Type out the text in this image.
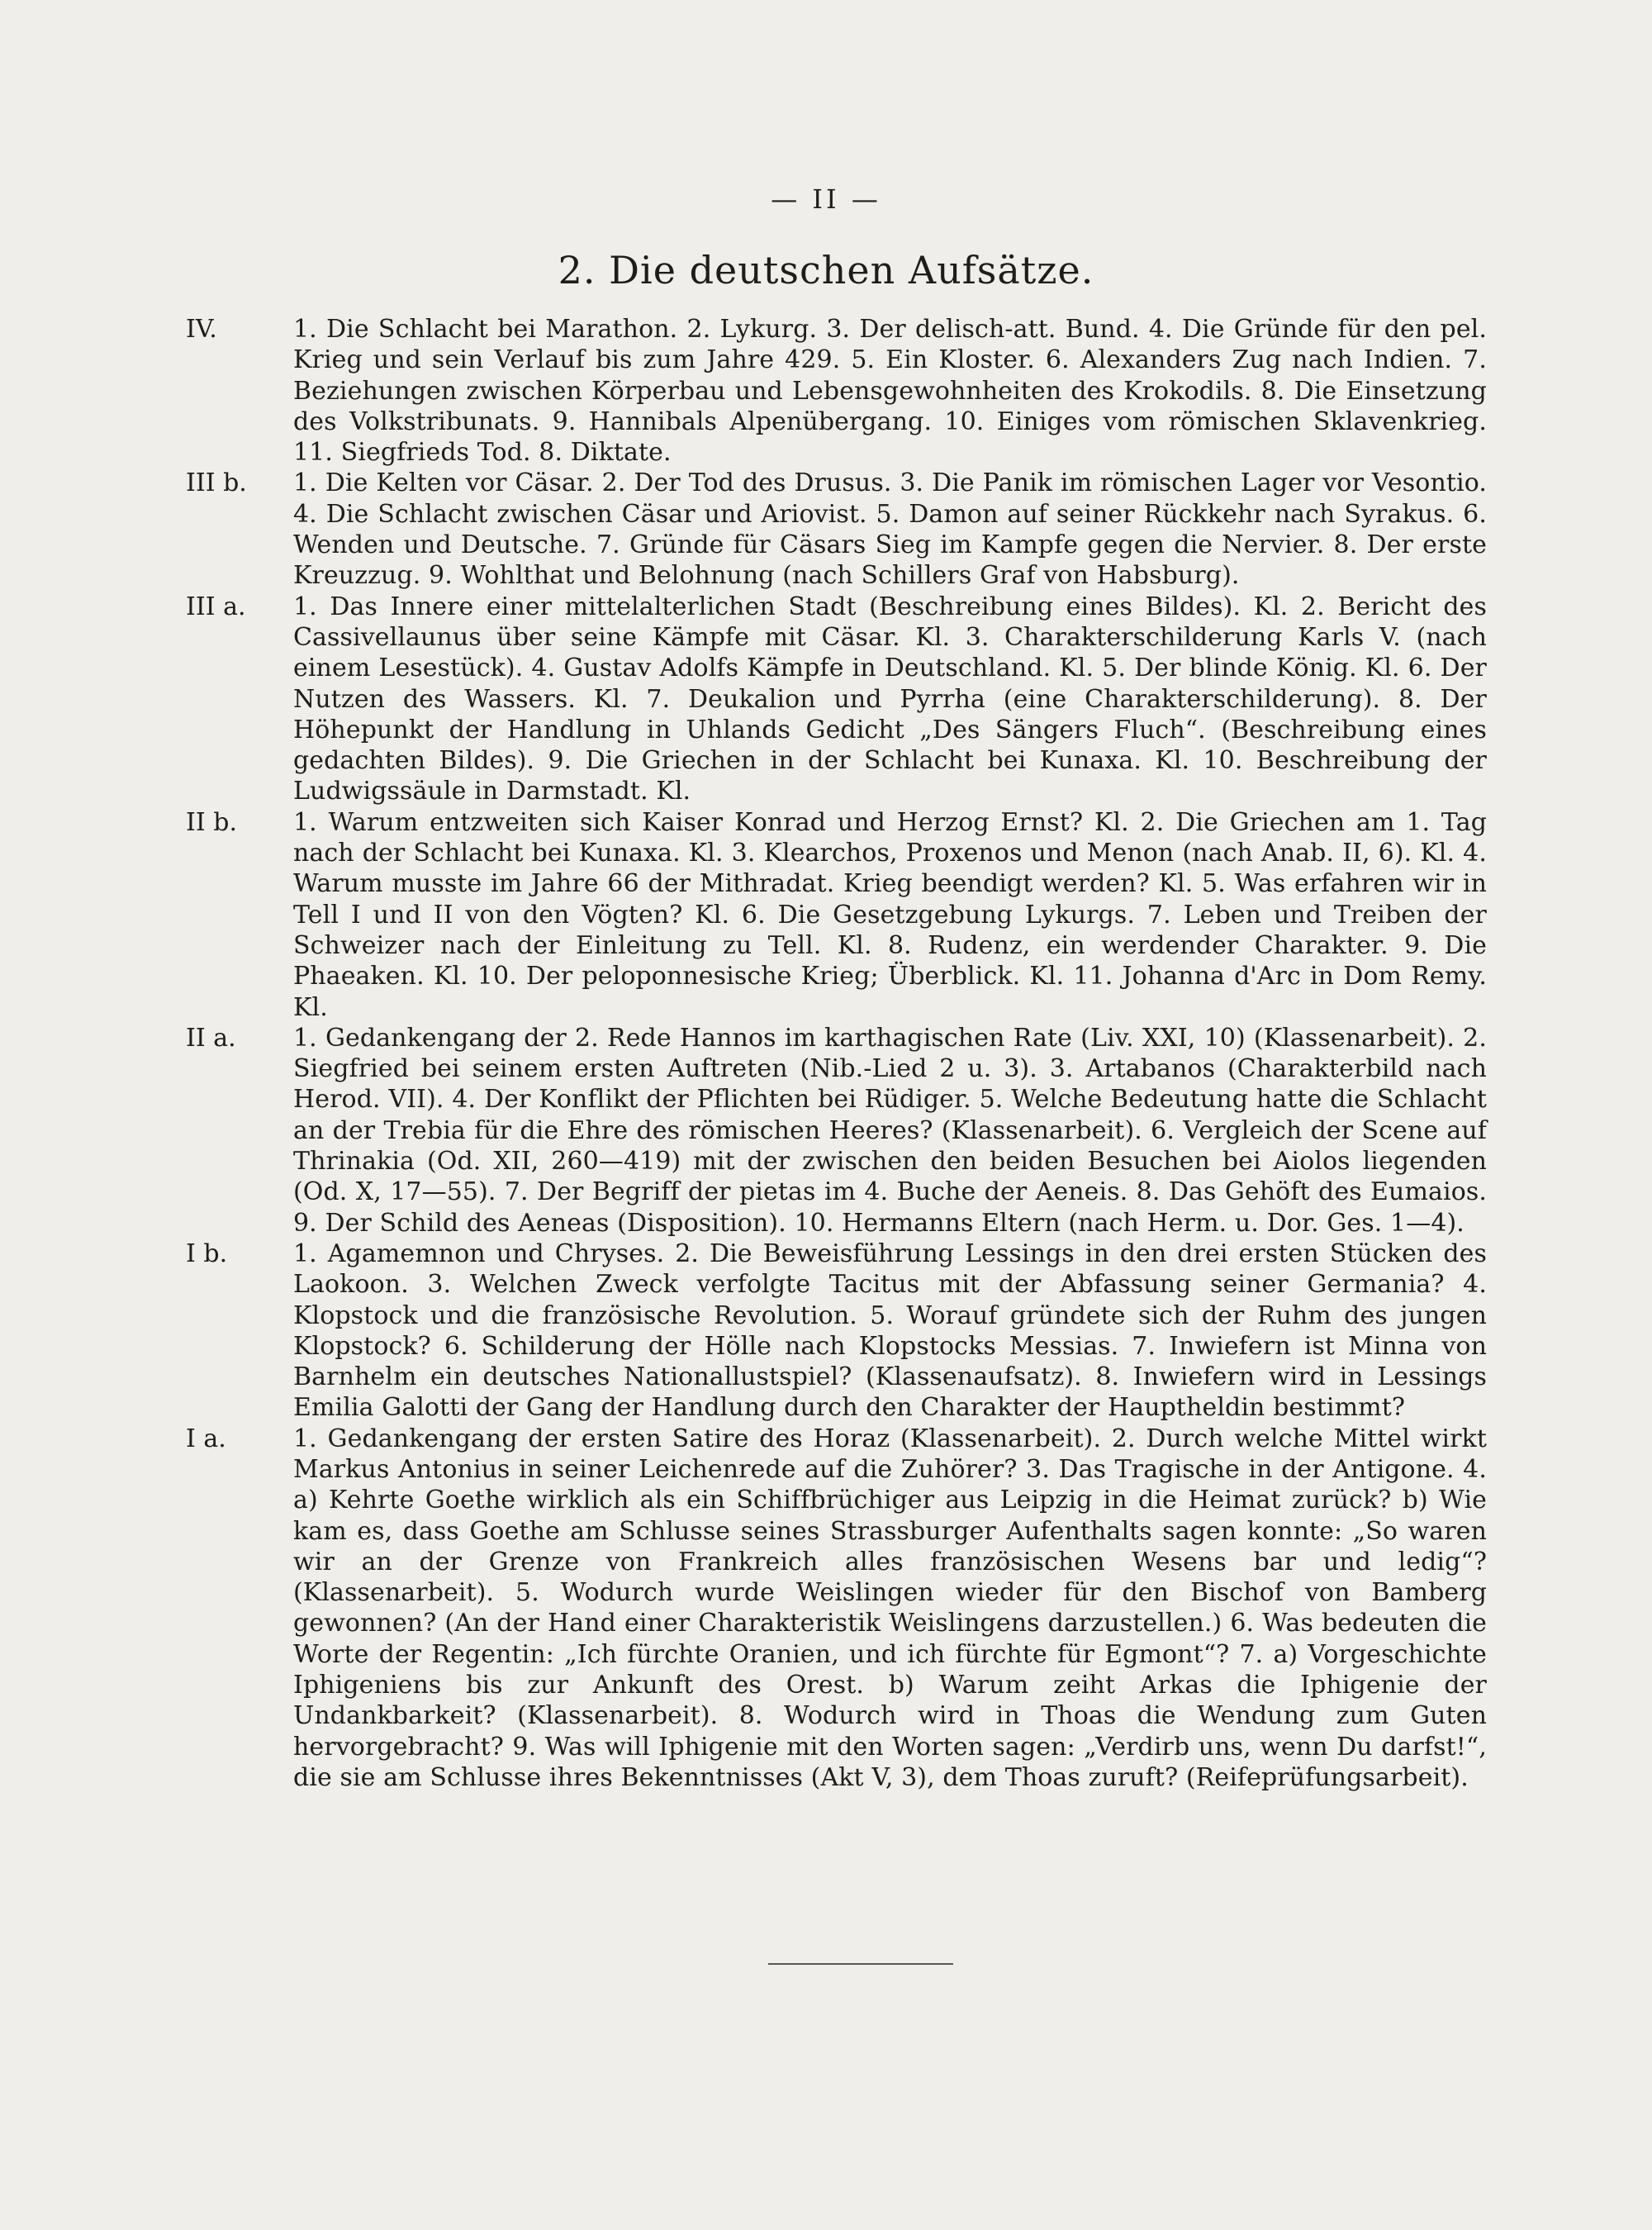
— II —
2. Die deutschen Aufsätze.
IV.	1. Die Schlacht bei Marathon. 2. Lykurg. 3. Der delisch-att. Bund. 4. Die Gründe für den pel. Krieg und sein Verlauf bis zum Jahre 429. 5. Ein Kloster. 6. Alexanders Zug nach Indien. 7. Beziehungen zwischen Körperbau und Lebensgewohnheiten des Krokodils. 8. Die Einsetzung des Volkstribunats. 9. Hannibals Alpenübergang. 10. Einiges vom römischen Sklavenkrieg. 11. Siegfrieds Tod. 8. Diktate.
III b.	1. Die Kelten vor Cäsar. 2. Der Tod des Drusus. 3. Die Panik im römischen Lager vor Vesontio. 4. Die Schlacht zwischen Cäsar und Ariovist. 5. Damon auf seiner Rückkehr nach Syrakus. 6. Wenden und Deutsche. 7. Gründe für Cäsars Sieg im Kampfe gegen die Nervier. 8. Der erste Kreuzzug. 9. Wohlthat und Belohnung (nach Schillers Graf von Habsburg).
III a.	1. Das Innere einer mittelalterlichen Stadt (Beschreibung eines Bildes). Kl. 2. Bericht des Cassivellaunus über seine Kämpfe mit Cäsar. Kl. 3. Charakterschilderung Karls V. (nach einem Lesestück). 4. Gustav Adolfs Kämpfe in Deutschland. Kl. 5. Der blinde König. Kl. 6. Der Nutzen des Wassers. Kl. 7. Deukalion und Pyrrha (eine Charakterschilderung). 8. Der Höhepunkt der Handlung in Uhlands Gedicht „Des Sängers Fluch“. (Beschreibung eines gedachten Bildes). 9. Die Griechen in der Schlacht bei Kunaxa. Kl. 10. Beschreibung der Ludwigssäule in Darmstadt. Kl.
II b.	1. Warum entzweiten sich Kaiser Konrad und Herzog Ernst? Kl. 2. Die Griechen am 1. Tag nach der Schlacht bei Kunaxa. Kl. 3. Klearchos, Proxenos und Menon (nach Anab. II, 6). Kl. 4. Warum musste im Jahre 66 der Mithradat. Krieg beendigt werden? Kl. 5. Was erfahren wir in Tell I und II von den Vögten? Kl. 6. Die Gesetzgebung Lykurgs. 7. Leben und Treiben der Schweizer nach der Einleitung zu Tell. Kl. 8. Rudenz, ein werdender Charakter. 9. Die Phaeaken. Kl. 10. Der peloponnesische Krieg; Überblick. Kl. 11. Johanna d'Arc in Dom Remy. Kl.
II a.	1. Gedankengang der 2. Rede Hannos im karthagischen Rate (Liv. XXI, 10) (Klassenarbeit). 2. Siegfried bei seinem ersten Auftreten (Nib.-Lied 2 u. 3). 3. Artabanos (Charakterbild nach Herod. VII). 4. Der Konflikt der Pflichten bei Rüdiger. 5. Welche Bedeutung hatte die Schlacht an der Trebia für die Ehre des römischen Heeres? (Klassenarbeit). 6. Vergleich der Scene auf Thrinakia (Od. XII, 260—419) mit der zwischen den beiden Besuchen bei Aiolos liegenden (Od. X, 17—55). 7. Der Begriff der pietas im 4. Buche der Aeneis. 8. Das Gehöft des Eumaios. 9. Der Schild des Aeneas (Disposition). 10. Hermanns Eltern (nach Herm. u. Dor. Ges. 1—4).
I b.	1. Agamemnon und Chryses. 2. Die Beweisführung Lessings in den drei ersten Stücken des Laokoon. 3. Welchen Zweck verfolgte Tacitus mit der Abfassung seiner Germania? 4. Klopstock und die französische Revolution. 5. Worauf gründete sich der Ruhm des jungen Klopstock? 6. Schilderung der Hölle nach Klopstocks Messias. 7. Inwiefern ist Minna von Barnhelm ein deutsches Nationallustspiel? (Klassenaufsatz). 8. Inwiefern wird in Lessings Emilia Galotti der Gang der Handlung durch den Charakter der Hauptheldin bestimmt?
I a.	1. Gedankengang der ersten Satire des Horaz (Klassenarbeit). 2. Durch welche Mittel wirkt Markus Antonius in seiner Leichenrede auf die Zuhörer? 3. Das Tragische in der Antigone. 4. a) Kehrte Goethe wirklich als ein Schiffbrüchiger aus Leipzig in die Heimat zurück? b) Wie kam es, dass Goethe am Schlusse seines Strassburger Aufenthalts sagen konnte: „So waren wir an der Grenze von Frankreich alles französischen Wesens bar und ledig“? (Klassenarbeit). 5. Wodurch wurde Weislingen wieder für den Bischof von Bamberg gewonnen? (An der Hand einer Charakteristik Weislingens darzustellen.) 6. Was bedeuten die Worte der Regentin: „Ich fürchte Oranien, und ich fürchte für Egmont“? 7. a) Vorgeschichte Iphigeniens bis zur Ankunft des Orest. b) Warum zeiht Arkas die Iphigenie der Undankbarkeit? (Klassenarbeit). 8. Wodurch wird in Thoas die Wendung zum Guten hervorgebracht? 9. Was will Iphigenie mit den Worten sagen: „Verdirb uns, wenn Du darfst!“, die sie am Schlusse ihres Bekenntnisses (Akt V, 3), dem Thoas zuruft? (Reifeprüfungsarbeit).
